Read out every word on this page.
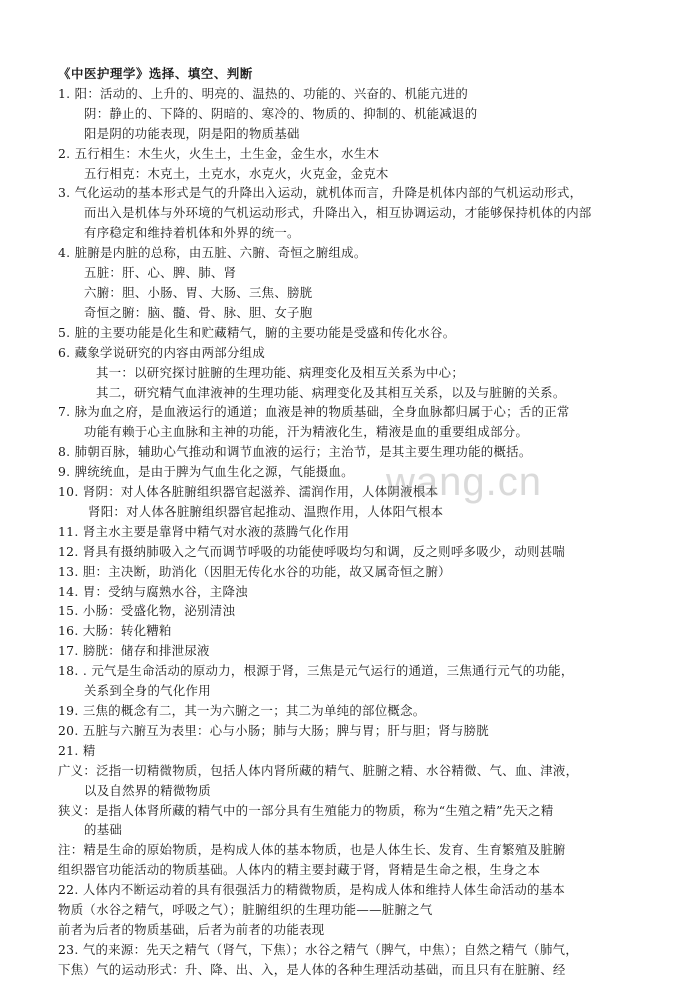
《中医护理学》选择、填空、判断
1. 阳：活动的、上升的、明亮的、温热的、功能的、兴奋的、机能亢进的
阴：静止的、下降的、阴暗的、寒冷的、物质的、抑制的、机能减退的
阳是阴的功能表现，阴是阳的物质基础
2. 五行相生：木生火，火生土，土生金，金生水，水生木
五行相克：木克土，土克水，水克火，火克金，金克木
3. 气化运动的基本形式是气的升降出入运动，就机体而言，升降是机体内部的气机运动形式，
而出入是机体与外环境的气机运动形式，升降出入，相互协调运动，才能够保持机体的内部
有序稳定和维持着机体和外界的统一。
4. 脏腑是内脏的总称，由五脏、六腑、奇恒之腑组成。
五脏：肝、心、脾、肺、肾
六腑：胆、小肠、胃、大肠、三焦、膀胱
奇恒之腑：脑、髓、骨、脉、胆、女子胞
5. 脏的主要功能是化生和贮藏精气，腑的主要功能是受盛和传化水谷。
6. 藏象学说研究的内容由两部分组成
其一：以研究探讨脏腑的生理功能、病理变化及相互关系为中心；
其二，研究精气血津液神的生理功能、病理变化及其相互关系，以及与脏腑的关系。
7. 脉为血之府，是血液运行的通道；血液是神的物质基础，全身血脉都归属于心；舌的正常
功能有赖于心主血脉和主神的功能，汗为精液化生，精液是血的重要组成部分。
8. 肺朝百脉，辅助心气推动和调节血液的运行；主治节，是其主要生理功能的概括。
9. 脾统统血，是由于脾为气血生化之源，气能摄血。
10. 肾阴：对人体各脏腑组织器官起滋养、濡润作用，人体阴液根本
肾阳：对人体各脏腑组织器官起推动、温煦作用，人体阳气根本
11. 肾主水主要是靠肾中精气对水液的蒸腾气化作用
12. 肾具有摄纳肺吸入之气而调节呼吸的功能使呼吸均匀和调，反之则呼多吸少，动则甚喘
13. 胆：主决断，助消化（因胆无传化水谷的功能，故又属奇恒之腑）
14. 胃：受纳与腐熟水谷，主降浊
15. 小肠：受盛化物，泌别清浊
16. 大肠：转化糟粕
17. 膀胱：储存和排泄尿液
18. . 元气是生命活动的原动力，根源于肾，三焦是元气运行的通道，三焦通行元气的功能，
关系到全身的气化作用
19. 三焦的概念有二，其一为六腑之一；其二为单纯的部位概念。
20. 五脏与六腑互为表里：心与小肠；肺与大肠；脾与胃；肝与胆；肾与膀胱
21. 精
广义：泛指一切精微物质，包括人体内肾所藏的精气、脏腑之精、水谷精微、气、血、津液，
以及自然界的精微物质
狭义：是指人体肾所藏的精气中的一部分具有生殖能力的物质，称为“生殖之精”先天之精
的基础
注：精是生命的原始物质，是构成人体的基本物质，也是人体生长、发育、生育繁殖及脏腑
组织器官功能活动的物质基础。人体内的精主要封藏于肾，肾精是生命之根，生身之本
22. 人体内不断运动着的具有很强活力的精微物质，是构成人体和维持人体生命活动的基本
物质（水谷之精气，呼吸之气）；脏腑组织的生理功能——脏腑之气
前者为后者的物质基础，后者为前者的功能表现
23. 气的来源：先天之精气（肾气，下焦）；水谷之精气（脾气，中焦）；自然之精气（肺气，
下焦）气的运动形式：升、降、出、入，是人体的各种生理活动基础，而且只有在脏腑、经
wang.cn
